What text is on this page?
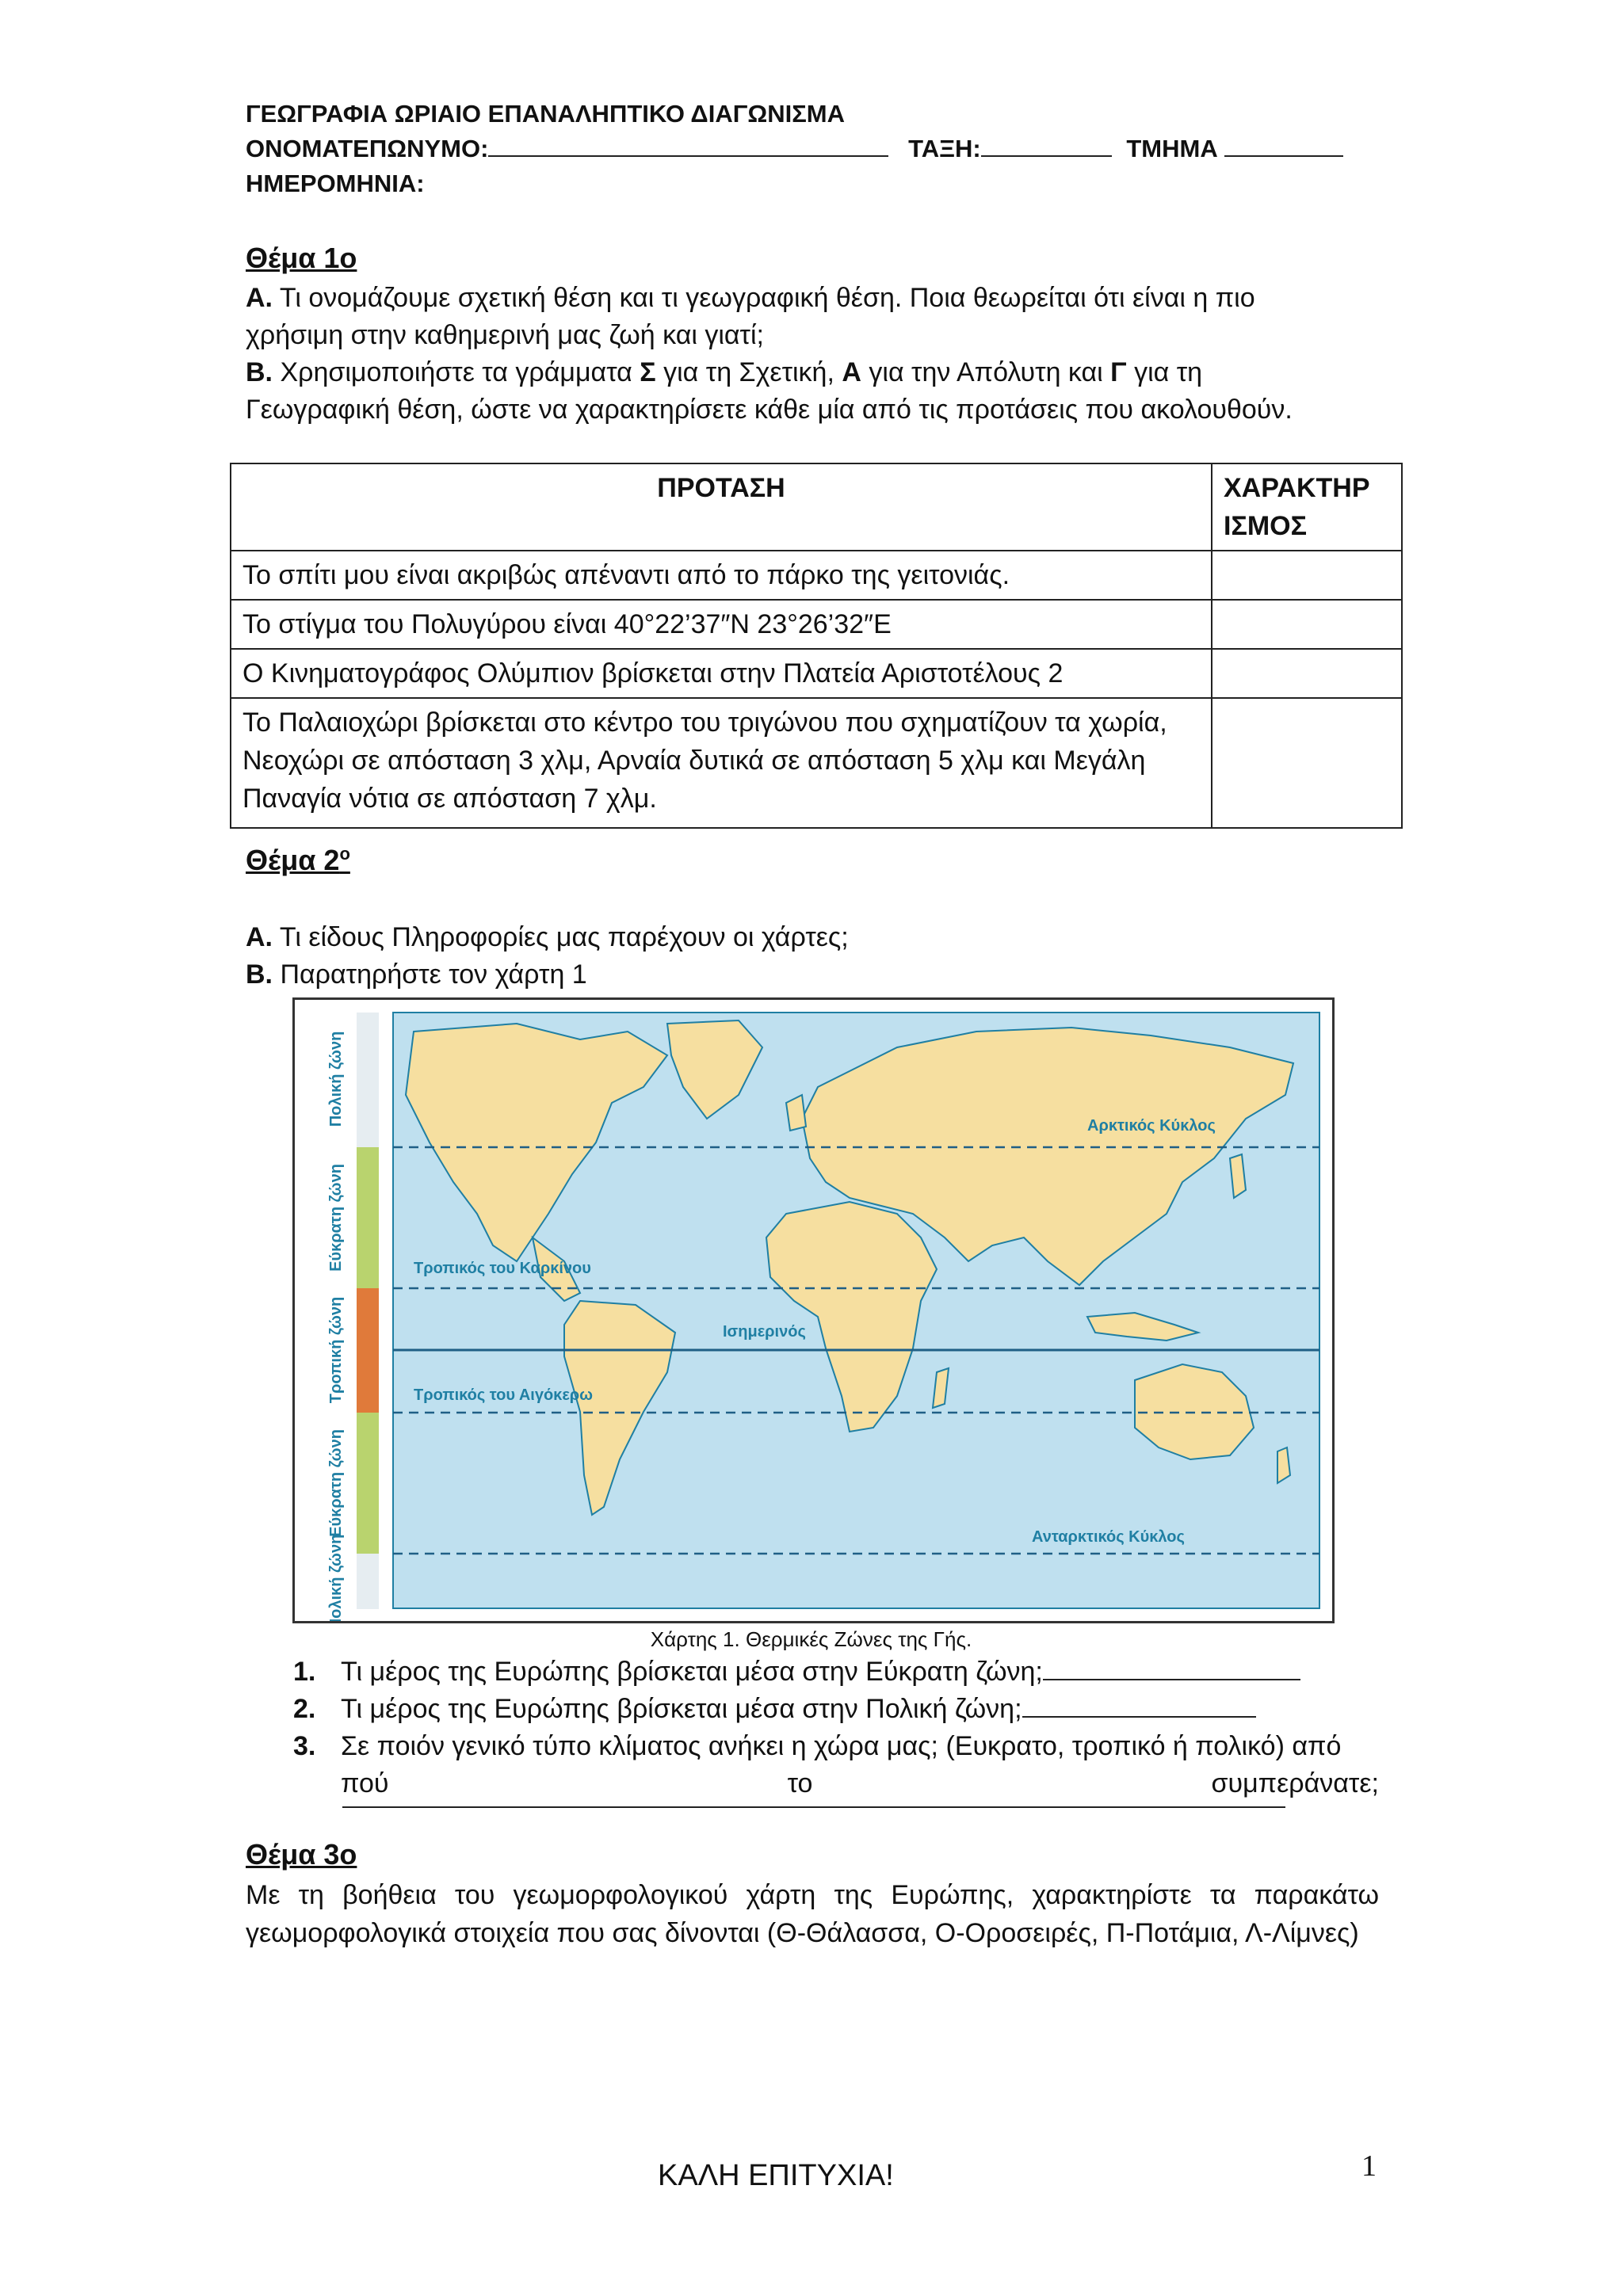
ΓΕΩΓΡΑΦΙΑ ΩΡΙΑΙΟ ΕΠΑΝΑΛΗΠΤΙΚΟ ΔΙΑΓΩΝΙΣΜΑ
ΟΝΟΜΑΤΕΠΩΝΥΜΟ:	ΤΑΞΗ:	ΤΜΗΜΑ
ΗΜΕΡΟΜΗΝΙΑ:
Θέμα 1ο
Α. Τι ονομάζουμε σχετική θέση και τι γεωγραφική θέση. Ποια θεωρείται ότι είναι η πιο
χρήσιμη στην καθημερινή μας ζωή και γιατί;
Β. Χρησιμοποιήστε τα γράμματα Σ για τη Σχετική, Α για την Απόλυτη και Γ για τη
Γεωγραφική θέση, ώστε να χαρακτηρίσετε κάθε μία από τις προτάσεις που ακολουθούν.
ΠΡΟΤΑΣΗ	ΧΑΡΑΚΤΗΡ
ΙΣΜΟΣ

Το σπίτι μου είναι ακριβώς απέναντι από το πάρκο της γειτονιάς.	
Το στίγμα του Πολυγύρου είναι 40°22’37″N 23°26’32″E	
Ο Κινηματογράφος Ολύμπιον βρίσκεται στην Πλατεία Αριστοτέλους 2	
Το Παλαιοχώρι βρίσκεται στο κέντρο του τριγώνου που σχηματίζουν τα χωρία, Νεοχώρι σε απόσταση 3 χλμ, Αρναία δυτικά σε απόσταση 5 χλμ και Μεγάλη Παναγία νότια σε απόσταση 7 χλμ.	
Θέμα $2^o$
Α. Τι είδους Πληροφορίες μας παρέχουν οι χάρτες;
Β. Παρατηρήστε τον χάρτη 1
Πολική ζώνη
Εύκρατη ζώνη
Τροπική ζώνη
Εύκρατη ζώνη
Πολική ζώνη
Αρκτικός Κύκλος
Τροπικός του Καρκίνου
Ισημερινός
Τροπικός του Αιγόκερω
Ανταρκτικός Κύκλος
Χάρτης 1. Θερμικές Ζώνες της Γής.
1. Τι μέρος της Ευρώπης βρίσκεται μέσα στην Εύκρατη ζώνη;
2. Τι μέρος της Ευρώπης βρίσκεται μέσα στην Πολική ζώνη;
3. Σε ποιόν γενικό τύπο κλίματος ανήκει η χώρα μας; (Ευκρατο, τροπικό ή πολικό) από
πού	το	συμπεράνατε;
Θέμα 3ο
Με τη βοήθεια του γεωμορφολογικού χάρτη της Ευρώπης, χαρακτηρίστε τα παρακάτω γεωμορφολογικά στοιχεία που σας δίνονται (Θ-Θάλασσα, Ο-Οροσειρές, Π-Ποτάμια, Λ-Λίμνες)
ΚΑΛΗ ΕΠΙΤΥΧΙΑ!	1
